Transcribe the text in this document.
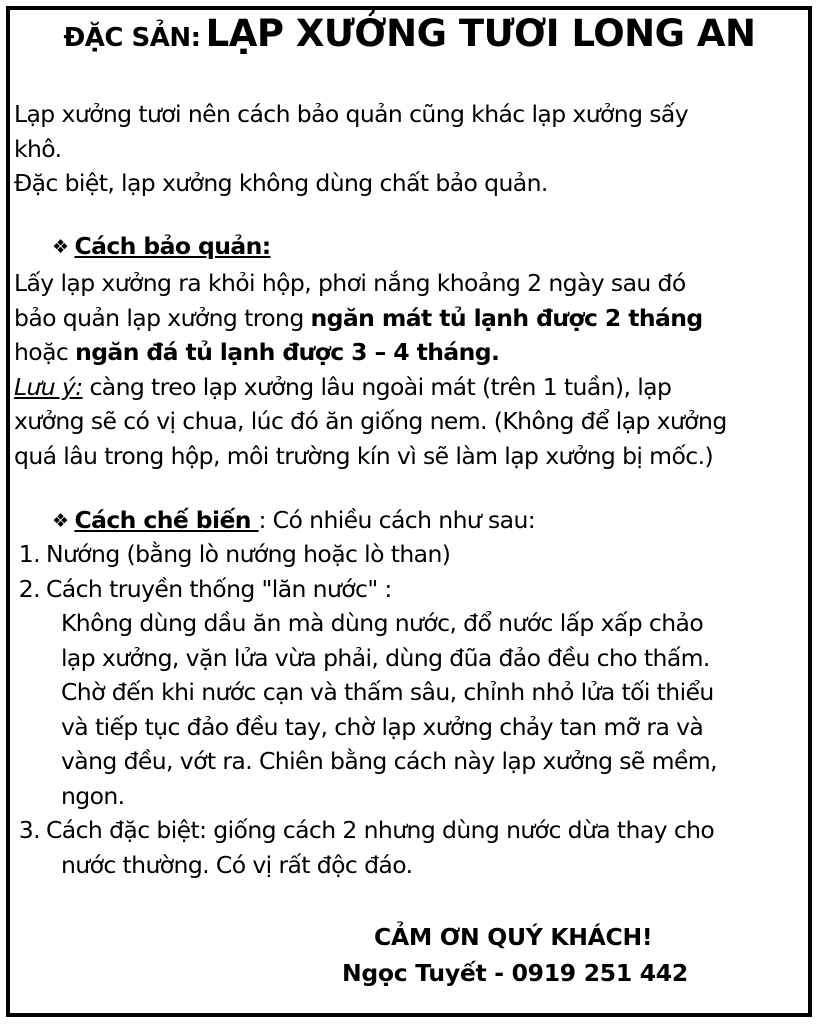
ĐẶC SẢN: LẠP XƯỞNG TƯƠI LONG AN
Lạp xưởng tươi nên cách bảo quản cũng khác lạp xưởng sấy
khô.
Đặc biệt, lạp xưởng không dùng chất bảo quản.
❖ Cách bảo quản:
Lấy lạp xưởng ra khỏi hộp, phơi nắng khoảng 2 ngày sau đó
bảo quản lạp xưởng trong ngăn mát tủ lạnh được 2 tháng
hoặc ngăn đá tủ lạnh được 3 – 4 tháng.
Lưu ý: càng treo lạp xưởng lâu ngoài mát (trên 1 tuần), lạp
xưởng sẽ có vị chua, lúc đó ăn giống nem. (Không để lạp xưởng
quá lâu trong hộp, môi trường kín vì sẽ làm lạp xưởng bị mốc.)
❖ Cách chế biến : Có nhiều cách như sau:
1. Nướng (bằng lò nướng hoặc lò than)
2. Cách truyền thống "lăn nước" :
Không dùng dầu ăn mà dùng nước, đổ nước lấp xấp chảo
lạp xưởng, vặn lửa vừa phải, dùng đũa đảo đều cho thấm.
Chờ đến khi nước cạn và thấm sâu, chỉnh nhỏ lửa tối thiểu
và tiếp tục đảo đều tay, chờ lạp xưởng chảy tan mỡ ra và
vàng đều, vớt ra. Chiên bằng cách này lạp xưởng sẽ mềm,
ngon.
3. Cách đặc biệt: giống cách 2 nhưng dùng nước dừa thay cho
nước thường. Có vị rất độc đáo.
CẢM ƠN QUÝ KHÁCH!
Ngọc Tuyết - 0919 251 442
